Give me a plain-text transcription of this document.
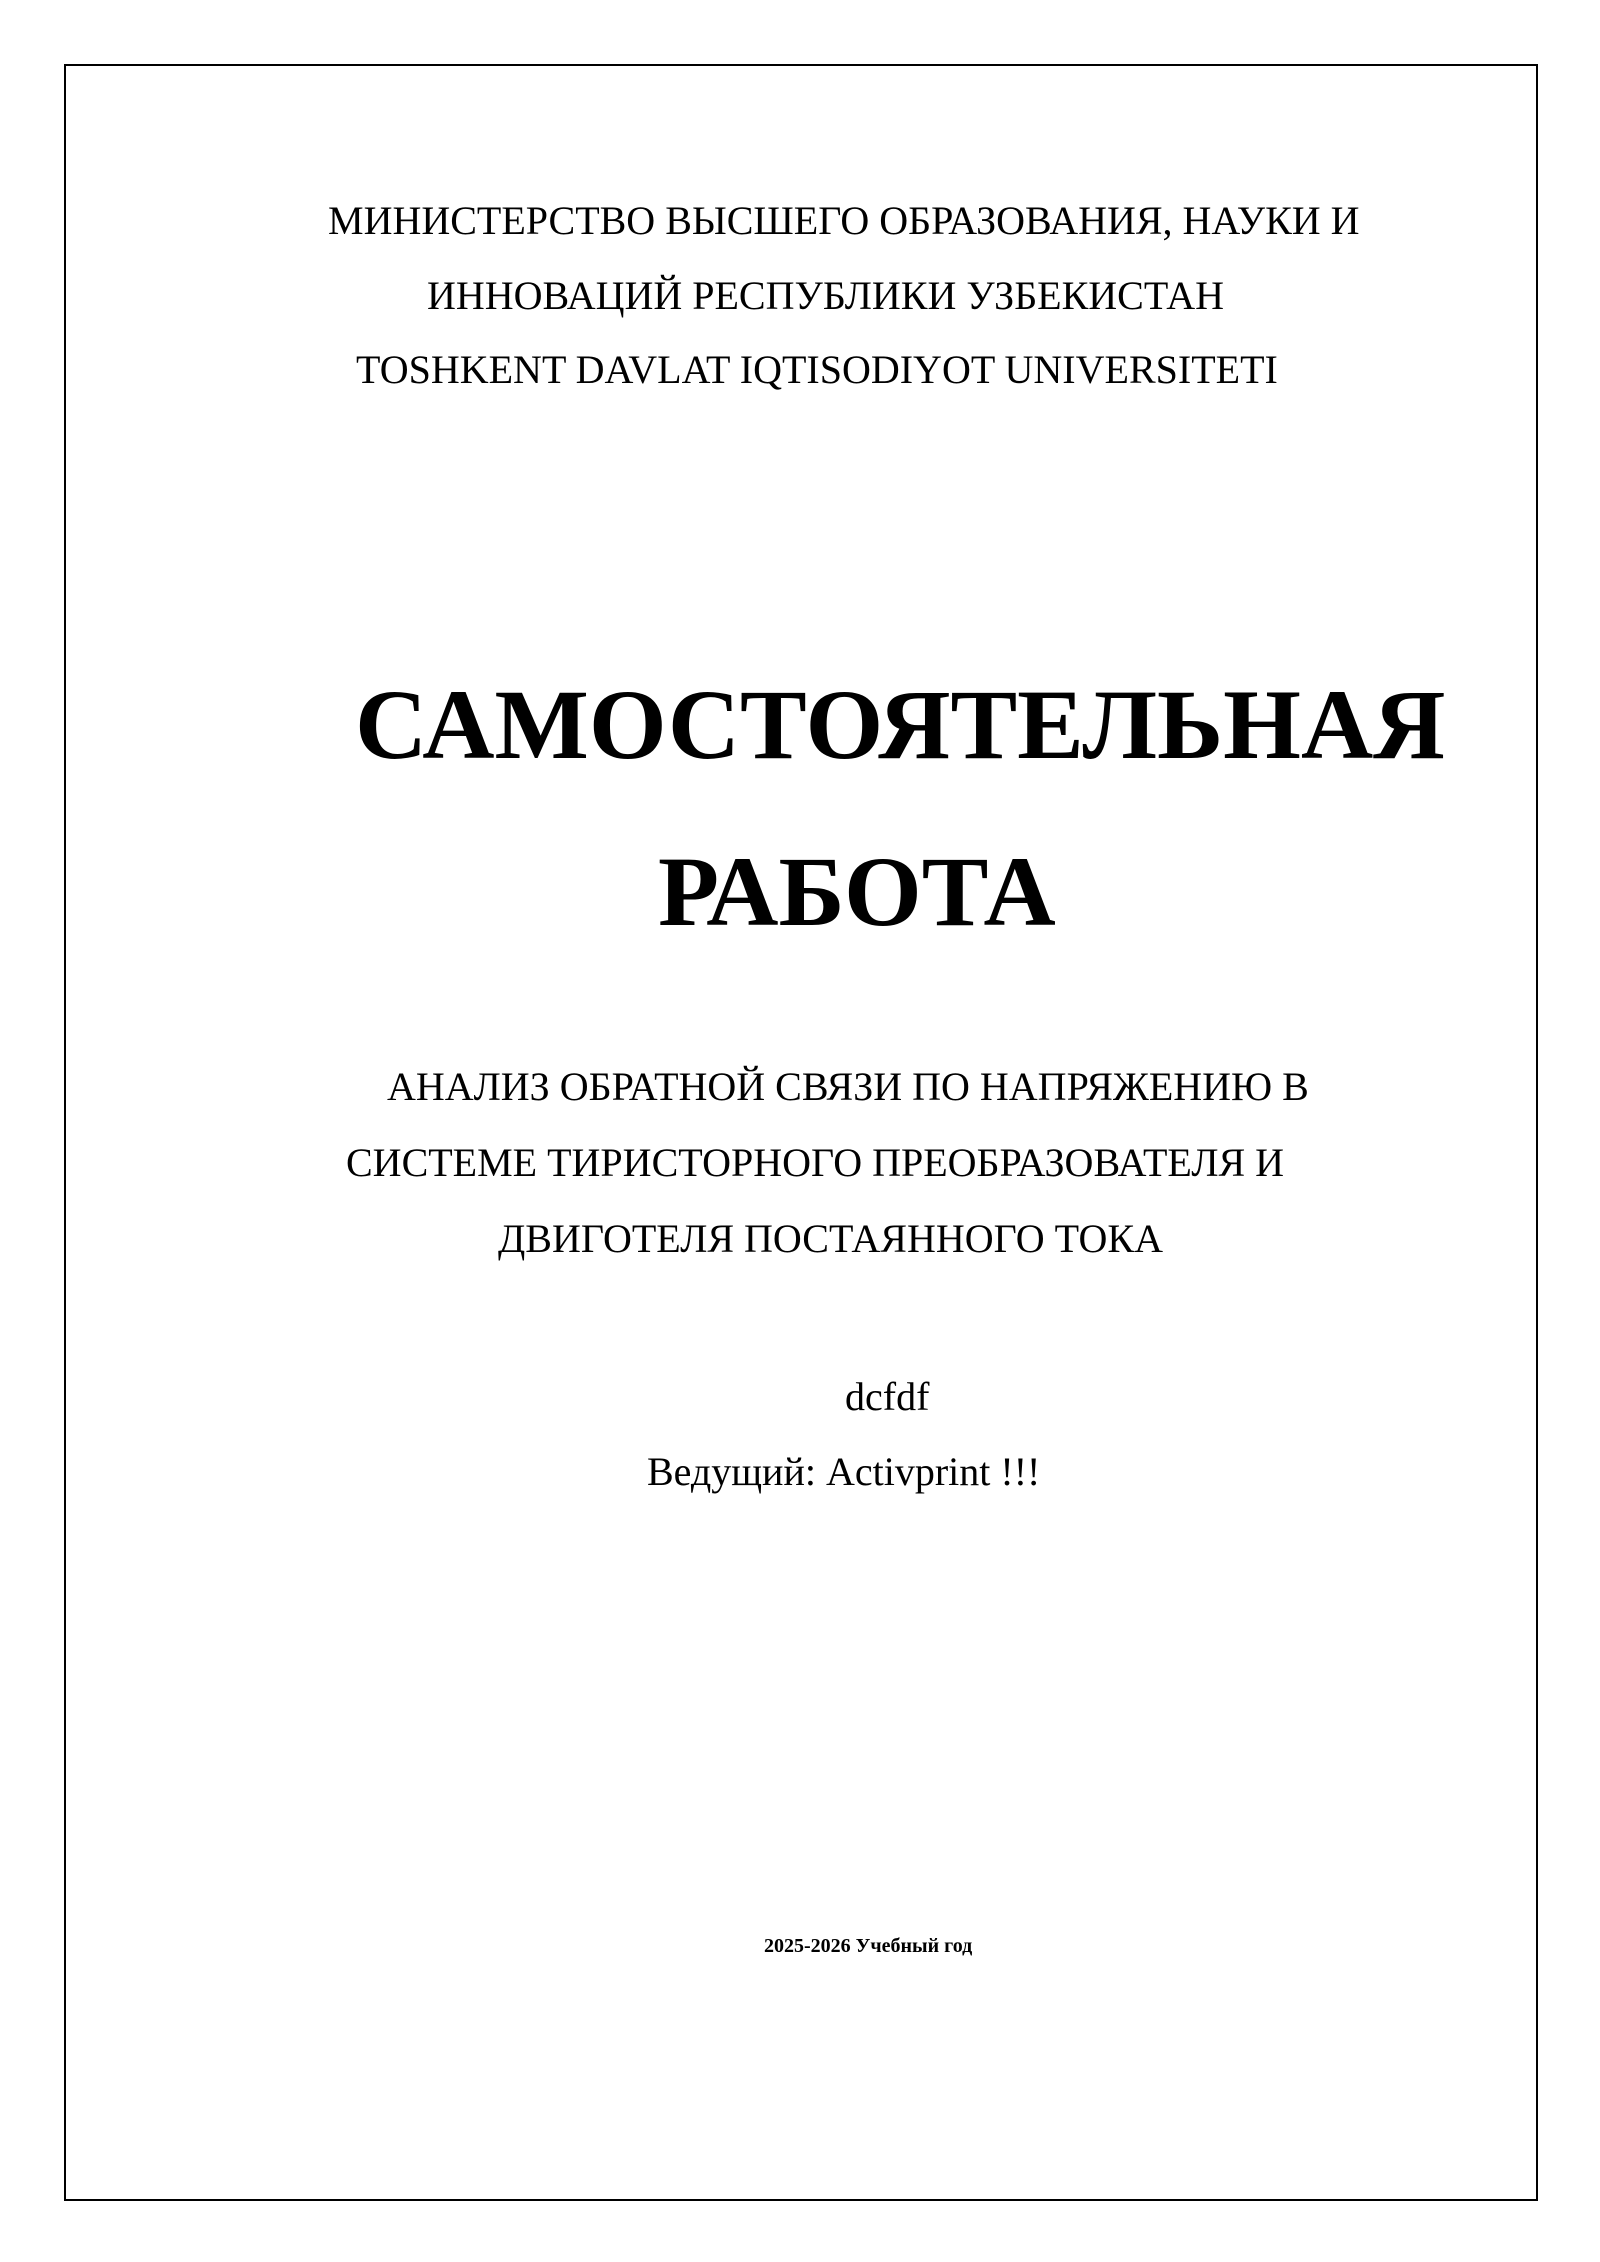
МИНИСТЕРСТВО ВЫСШЕГО ОБРАЗОВАНИЯ, НАУКИ И
ИННОВАЦИЙ РЕСПУБЛИКИ УЗБЕКИСТАН
TOSHKENT DAVLAT IQTISODIYOT UNIVERSITETI
САМОСТОЯТЕЛЬНАЯ
РАБОТА
АНАЛИЗ ОБРАТНОЙ СВЯЗИ ПО НАПРЯЖЕНИЮ В
СИСТЕМЕ ТИРИСТОРНОГО ПРЕОБРАЗОВАТЕЛЯ И
ДВИГОТЕЛЯ ПОСТАЯННОГО ТОКА
dcfdf
Ведущий: Activprint !!!
2025-2026 Учебный год
